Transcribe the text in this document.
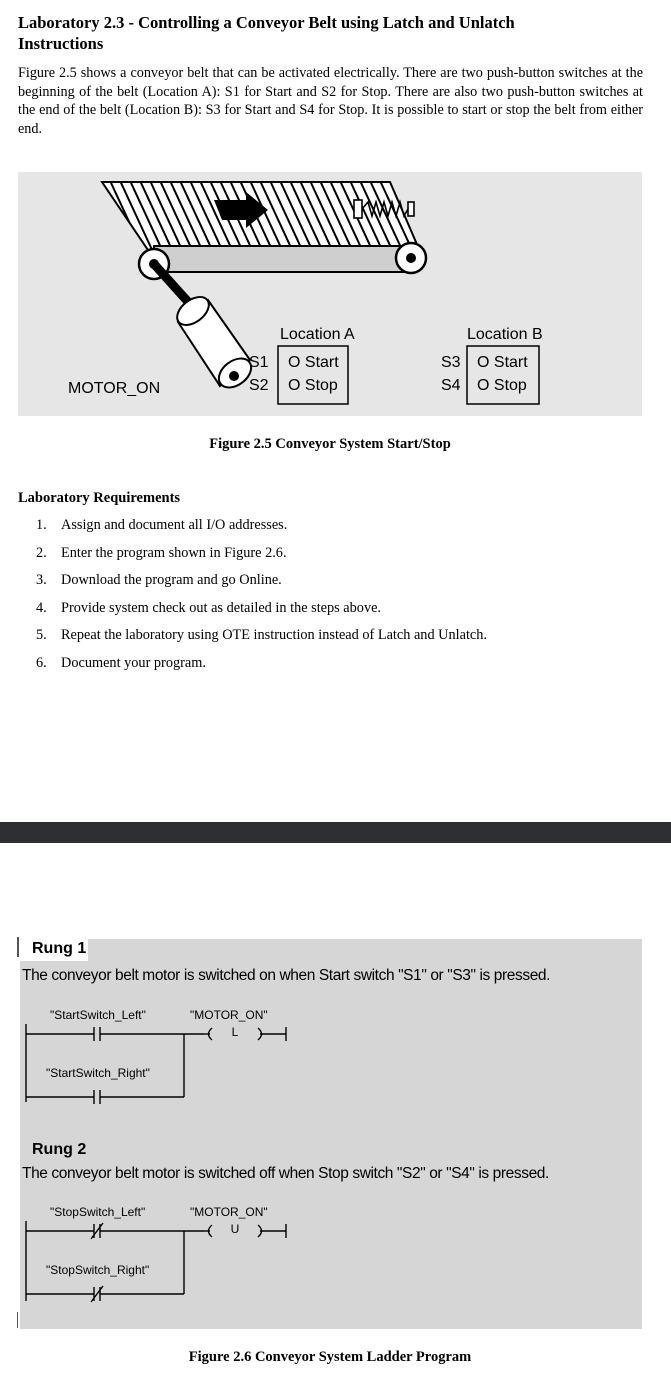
Laboratory 2.3 - Controlling a Conveyor Belt using Latch and Unlatch
Instructions
Figure 2.5 shows a conveyor belt that can be activated electrically. There are two push-button switches at the beginning of the belt (Location A): S1 for Start and S2 for Stop. There are also two push-button switches at the end of the belt (Location B): S3 for Start and S4 for Stop. It is possible to start or stop the belt from either end.
MOTOR_ON
Location A	Location B
S1
S2
O Start
O Stop
S3
S4
O Start
O Stop
Figure 2.5 Conveyor System Start/Stop
Laboratory Requirements
1. Assign and document all I/O addresses.
2. Enter the program shown in Figure 2.6.
3. Download the program and go Online.
4. Provide system check out as detailed in the steps above.
5. Repeat the laboratory using OTE instruction instead of Latch and Unlatch.
6. Document your program.
Rung 1
The conveyor belt motor is switched on when Start switch "S1" or "S3" is pressed.
"StartSwitch_Left"	"MOTOR_ON"
"StartSwitch_Right"
L
Rung 2
The conveyor belt motor is switched off when Stop switch "S2" or "S4" is pressed.
"StopSwitch_Left"	"MOTOR_ON"
"StopSwitch_Right"
U
Figure 2.6 Conveyor System Ladder Program
